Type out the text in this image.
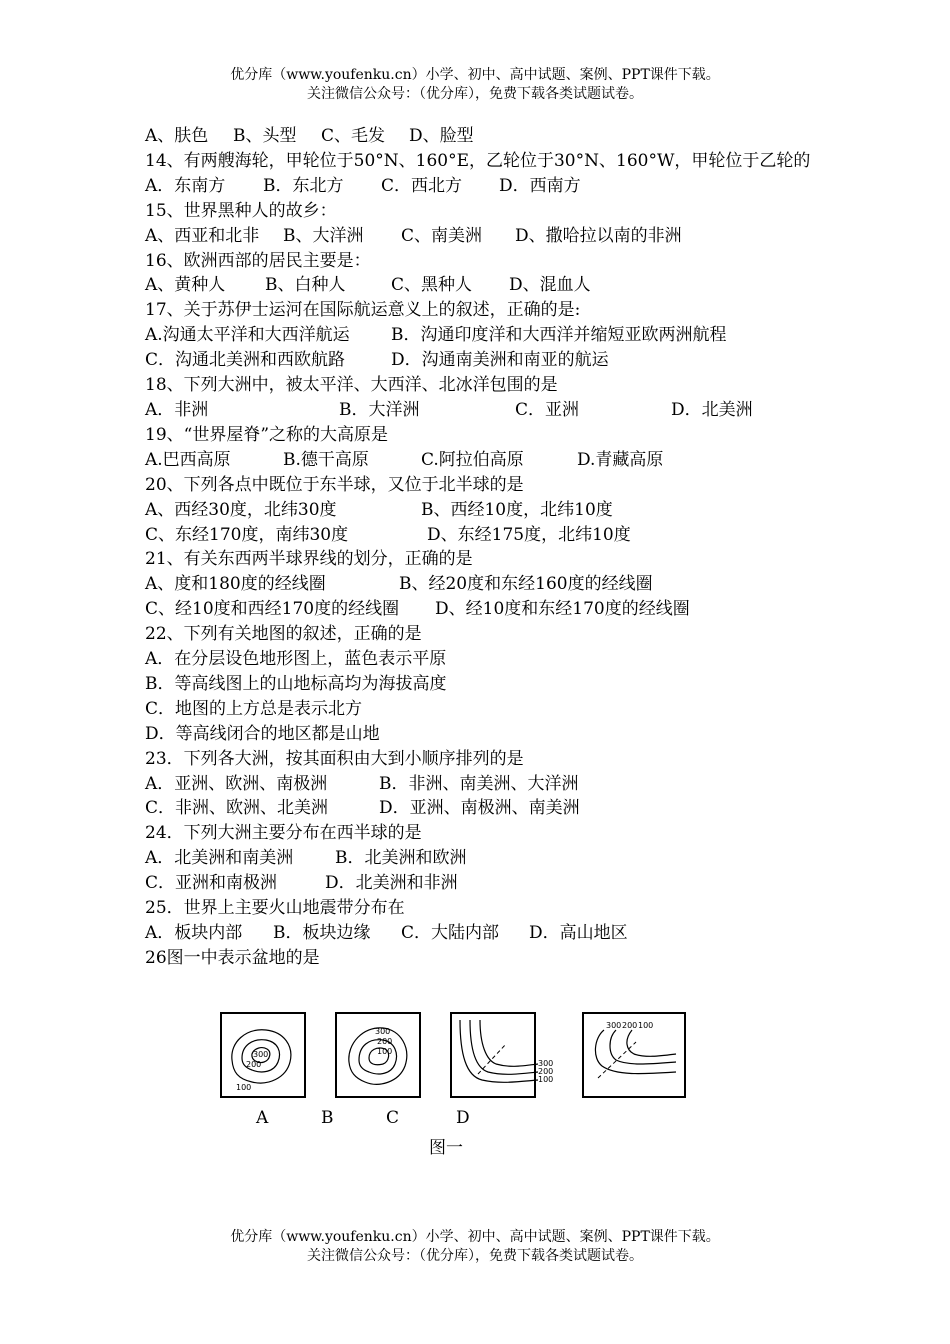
优分库（www.youfenku.cn）小学、初中、高中试题、案例、PPT课件下载。
关注微信公众号：（优分库），免费下载各类试题试卷。
A、肤色 B、头型 C、毛发 D、脸型
14、有两艘海轮，甲轮位于50°N、160°E，乙轮位于30°N、160°W，甲轮位于乙轮的
A．东南方 B．东北方 C．西北方 D．西南方
15、世界黑种人的故乡：
A、西亚和北非 B、大洋洲 C、南美洲 D、撒哈拉以南的非洲
16、欧洲西部的居民主要是：
A、黄种人 B、白种人	C、黑种人 D、混血人
17、关于苏伊士运河在国际航运意义上的叙述，正确的是:
A.沟通太平洋和大西洋航运 B．沟通印度洋和大西洋并缩短亚欧两洲航程
C．沟通北美洲和西欧航路	D．沟通南美洲和南亚的航运
18、下列大洲中，被太平洋、大西洋、北冰洋包围的是
A．非洲	B．大洋洲	C．亚洲	D．北美洲
19、“世界屋脊”之称的大高原是
A.巴西高原	B.德干高原	C.阿拉伯高原	D.青藏高原
20、下列各点中既位于东半球，又位于北半球的是
A、西经30度，北纬30度	B、西经10度，北纬10度
C、东经170度，南纬30度	D、东经175度，北纬10度
21、有关东西两半球界线的划分，正确的是
A、度和180度的经线圈	B、经20度和东经160度的经线圈
C、经10度和西经170度的经线圈 D、经10度和东经170度的经线圈
22、下列有关地图的叙述，正确的是
A．在分层设色地形图上，蓝色表示平原
B．等高线图上的山地标高均为海拔高度
C．地图的上方总是表示北方
D．等高线闭合的地区都是山地
23．下列各大洲，按其面积由大到小顺序排列的是
A．亚洲、欧洲、南极洲	B．非洲、南美洲、大洋洲
C．非洲、欧洲、北美洲	D．亚洲、南极洲、南美洲
24．下列大洲主要分布在西半球的是
A．北美洲和南美洲 B．北美洲和欧洲
C．亚洲和南极洲	D．北美洲和非洲
25．世界上主要火山地震带分布在
A．板块内部 B．板块边缘 C．大陆内部 D．高山地区
26图一中表示盆地的是
300
200
100
300
200
100
300
200
100
300 200 100
A	B	C	D
图一
优分库（www.youfenku.cn）小学、初中、高中试题、案例、PPT课件下载。
关注微信公众号：（优分库），免费下载各类试题试卷。
